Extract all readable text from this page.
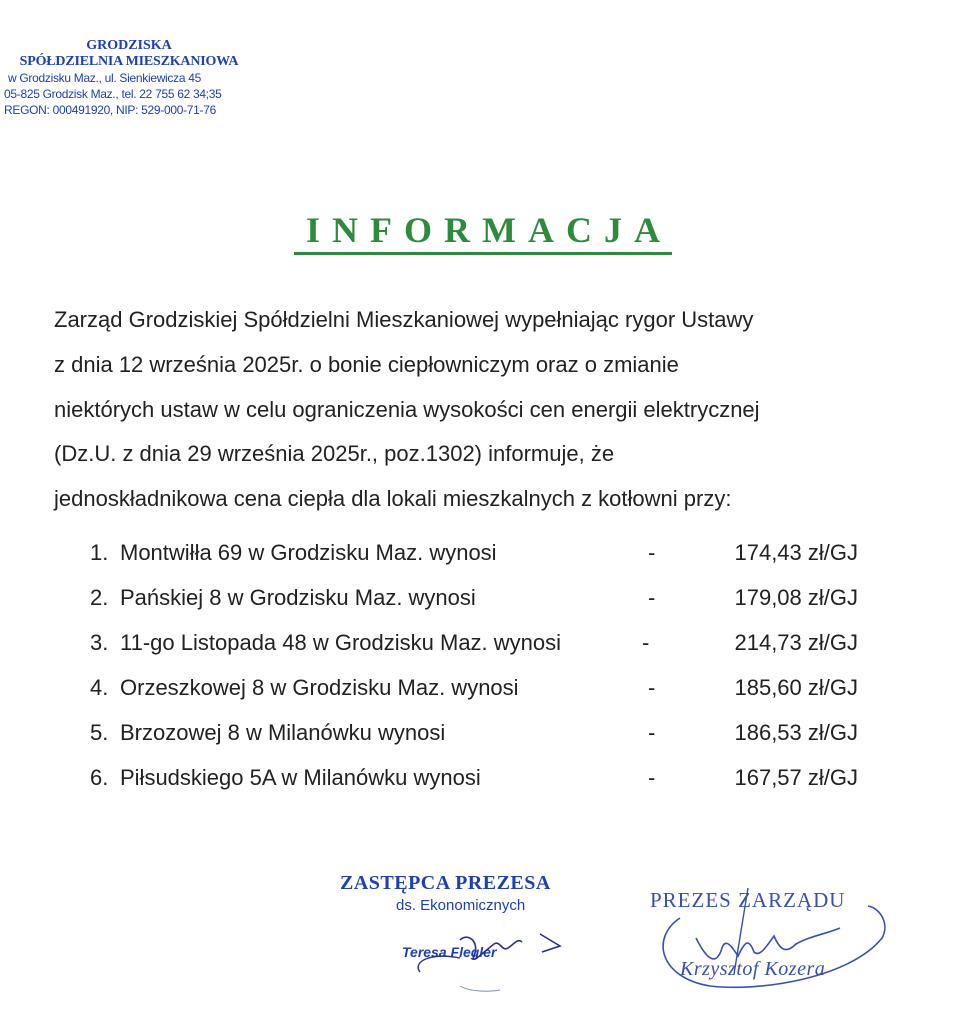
GRODZISKA
SPÓŁDZIELNIA MIESZKANIOWA
w Grodzisku Maz., ul. Sienkiewicza 45
05-825 Grodzisk Maz., tel. 22 755 62 34;35
REGON: 000491920, NIP: 529-000-71-76
INFORMACJA
Zarząd Grodziskiej Spółdzielni Mieszkaniowej wypełniając rygor Ustawy
z dnia 12 września 2025r. o bonie ciepłowniczym oraz o zmianie
niektórych ustaw w celu ograniczenia wysokości cen energii elektrycznej
(Dz.U. z dnia 29 września 2025r., poz.1302) informuje, że
jednoskładnikowa cena ciepła dla lokali mieszkalnych z kotłowni przy:
1. Montwiłła 69 w Grodzisku Maz. wynosi	-	174,43 zł/GJ
2. Pańskiej 8 w Grodzisku Maz. wynosi	-	179,08 zł/GJ
3. 11-go Listopada 48 w Grodzisku Maz. wynosi	-	214,73 zł/GJ
4. Orzeszkowej 8 w Grodzisku Maz. wynosi	-	185,60 zł/GJ
5. Brzozowej 8 w Milanówku wynosi	-	186,53 zł/GJ
6. Piłsudskiego 5A w Milanówku wynosi	-	167,57 zł/GJ
ZASTĘPCA PREZESA
ds. Ekonomicznych
Teresa Flegler
PREZES ZARZĄDU
Krzysztof Kozera
